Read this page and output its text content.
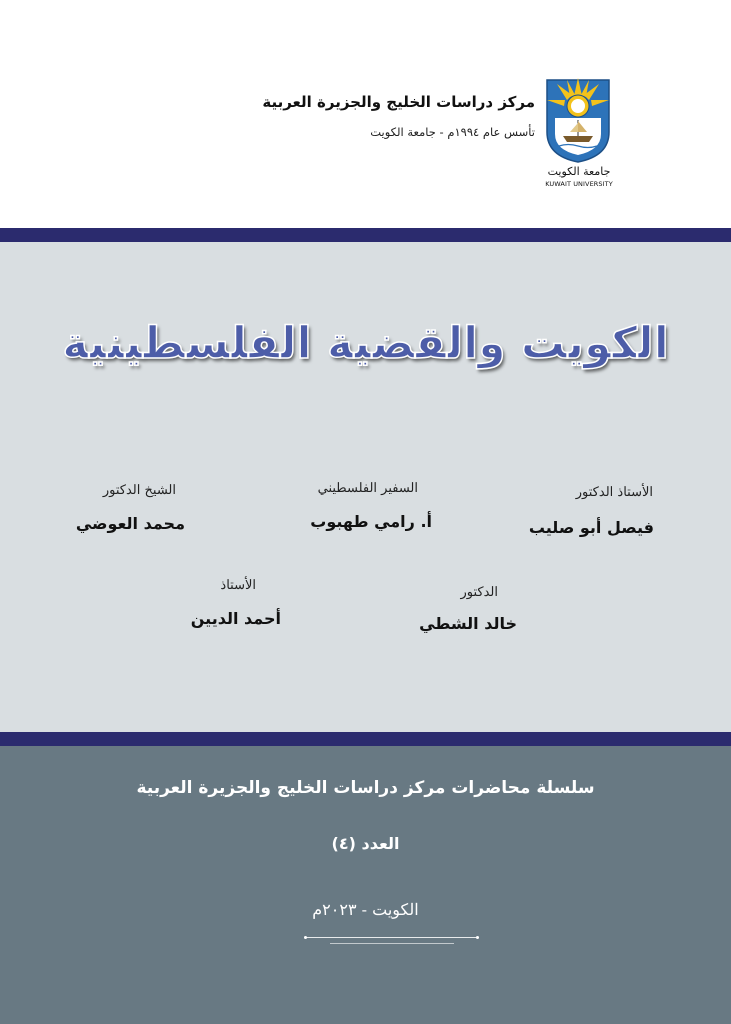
مركز دراسات الخليج والجزيرة العربية
تأسس عام ١٩٩٤م - جامعة الكويت
جامعة الكويت
KUWAIT UNIVERSITY
الكويت والقضية الفلسطينية
الأستاذ الدكتور
فيصل أبو صليب
السفير الفلسطيني
أ. رامي طهبوب
الشيخ الدكتور
محمد العوضي
الدكتور
خالد الشطي
الأستاذ
أحمد الديين
سلسلة محاضرات مركز دراسات الخليج والجزيرة العربية
العدد (٤)
الكويت - ٢٠٢٣م
